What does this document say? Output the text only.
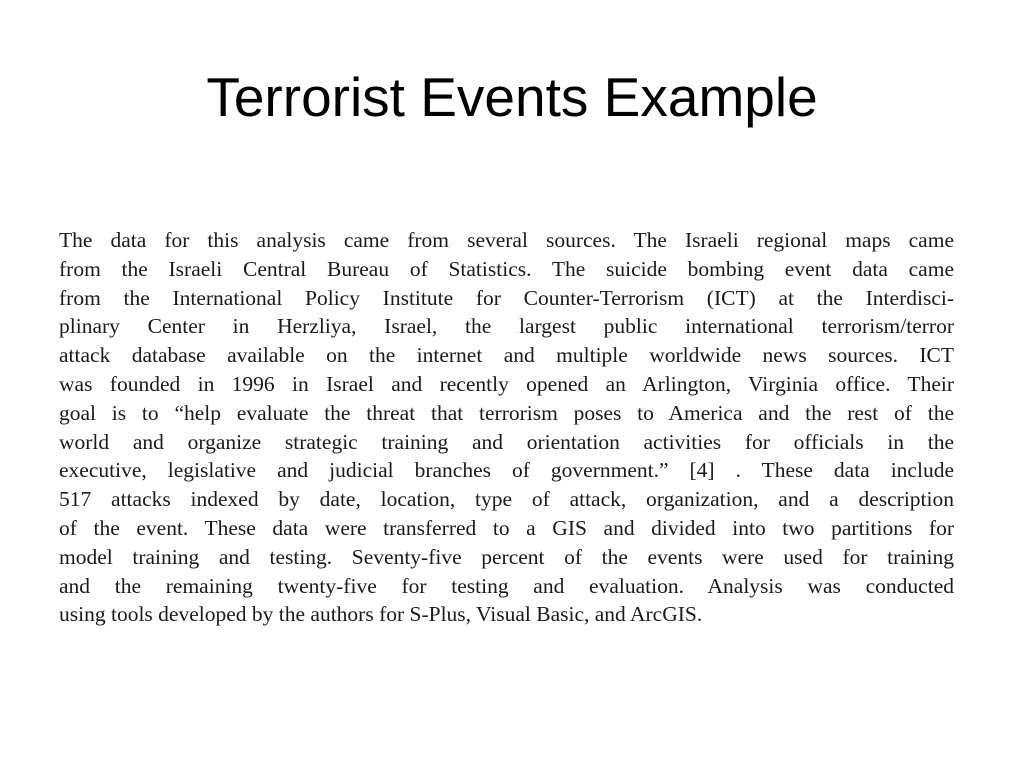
Terrorist Events Example
The data for this analysis came from several sources. The Israeli regional maps came
from the Israeli Central Bureau of Statistics. The suicide bombing event data came
from the International Policy Institute for Counter-Terrorism (ICT) at the Interdisci-
plinary Center in Herzliya, Israel, the largest public international terrorism/terror
attack database available on the internet and multiple worldwide news sources. ICT
was founded in 1996 in Israel and recently opened an Arlington, Virginia office. Their
goal is to “help evaluate the threat that terrorism poses to America and the rest of the
world and organize strategic training and orientation activities for officials in the
executive, legislative and judicial branches of government.” [4] . These data include
517 attacks indexed by date, location, type of attack, organization, and a description
of the event. These data were transferred to a GIS and divided into two partitions for
model training and testing. Seventy-five percent of the events were used for training
and the remaining twenty-five for testing and evaluation. Analysis was conducted
using tools developed by the authors for S-Plus, Visual Basic, and ArcGIS.
